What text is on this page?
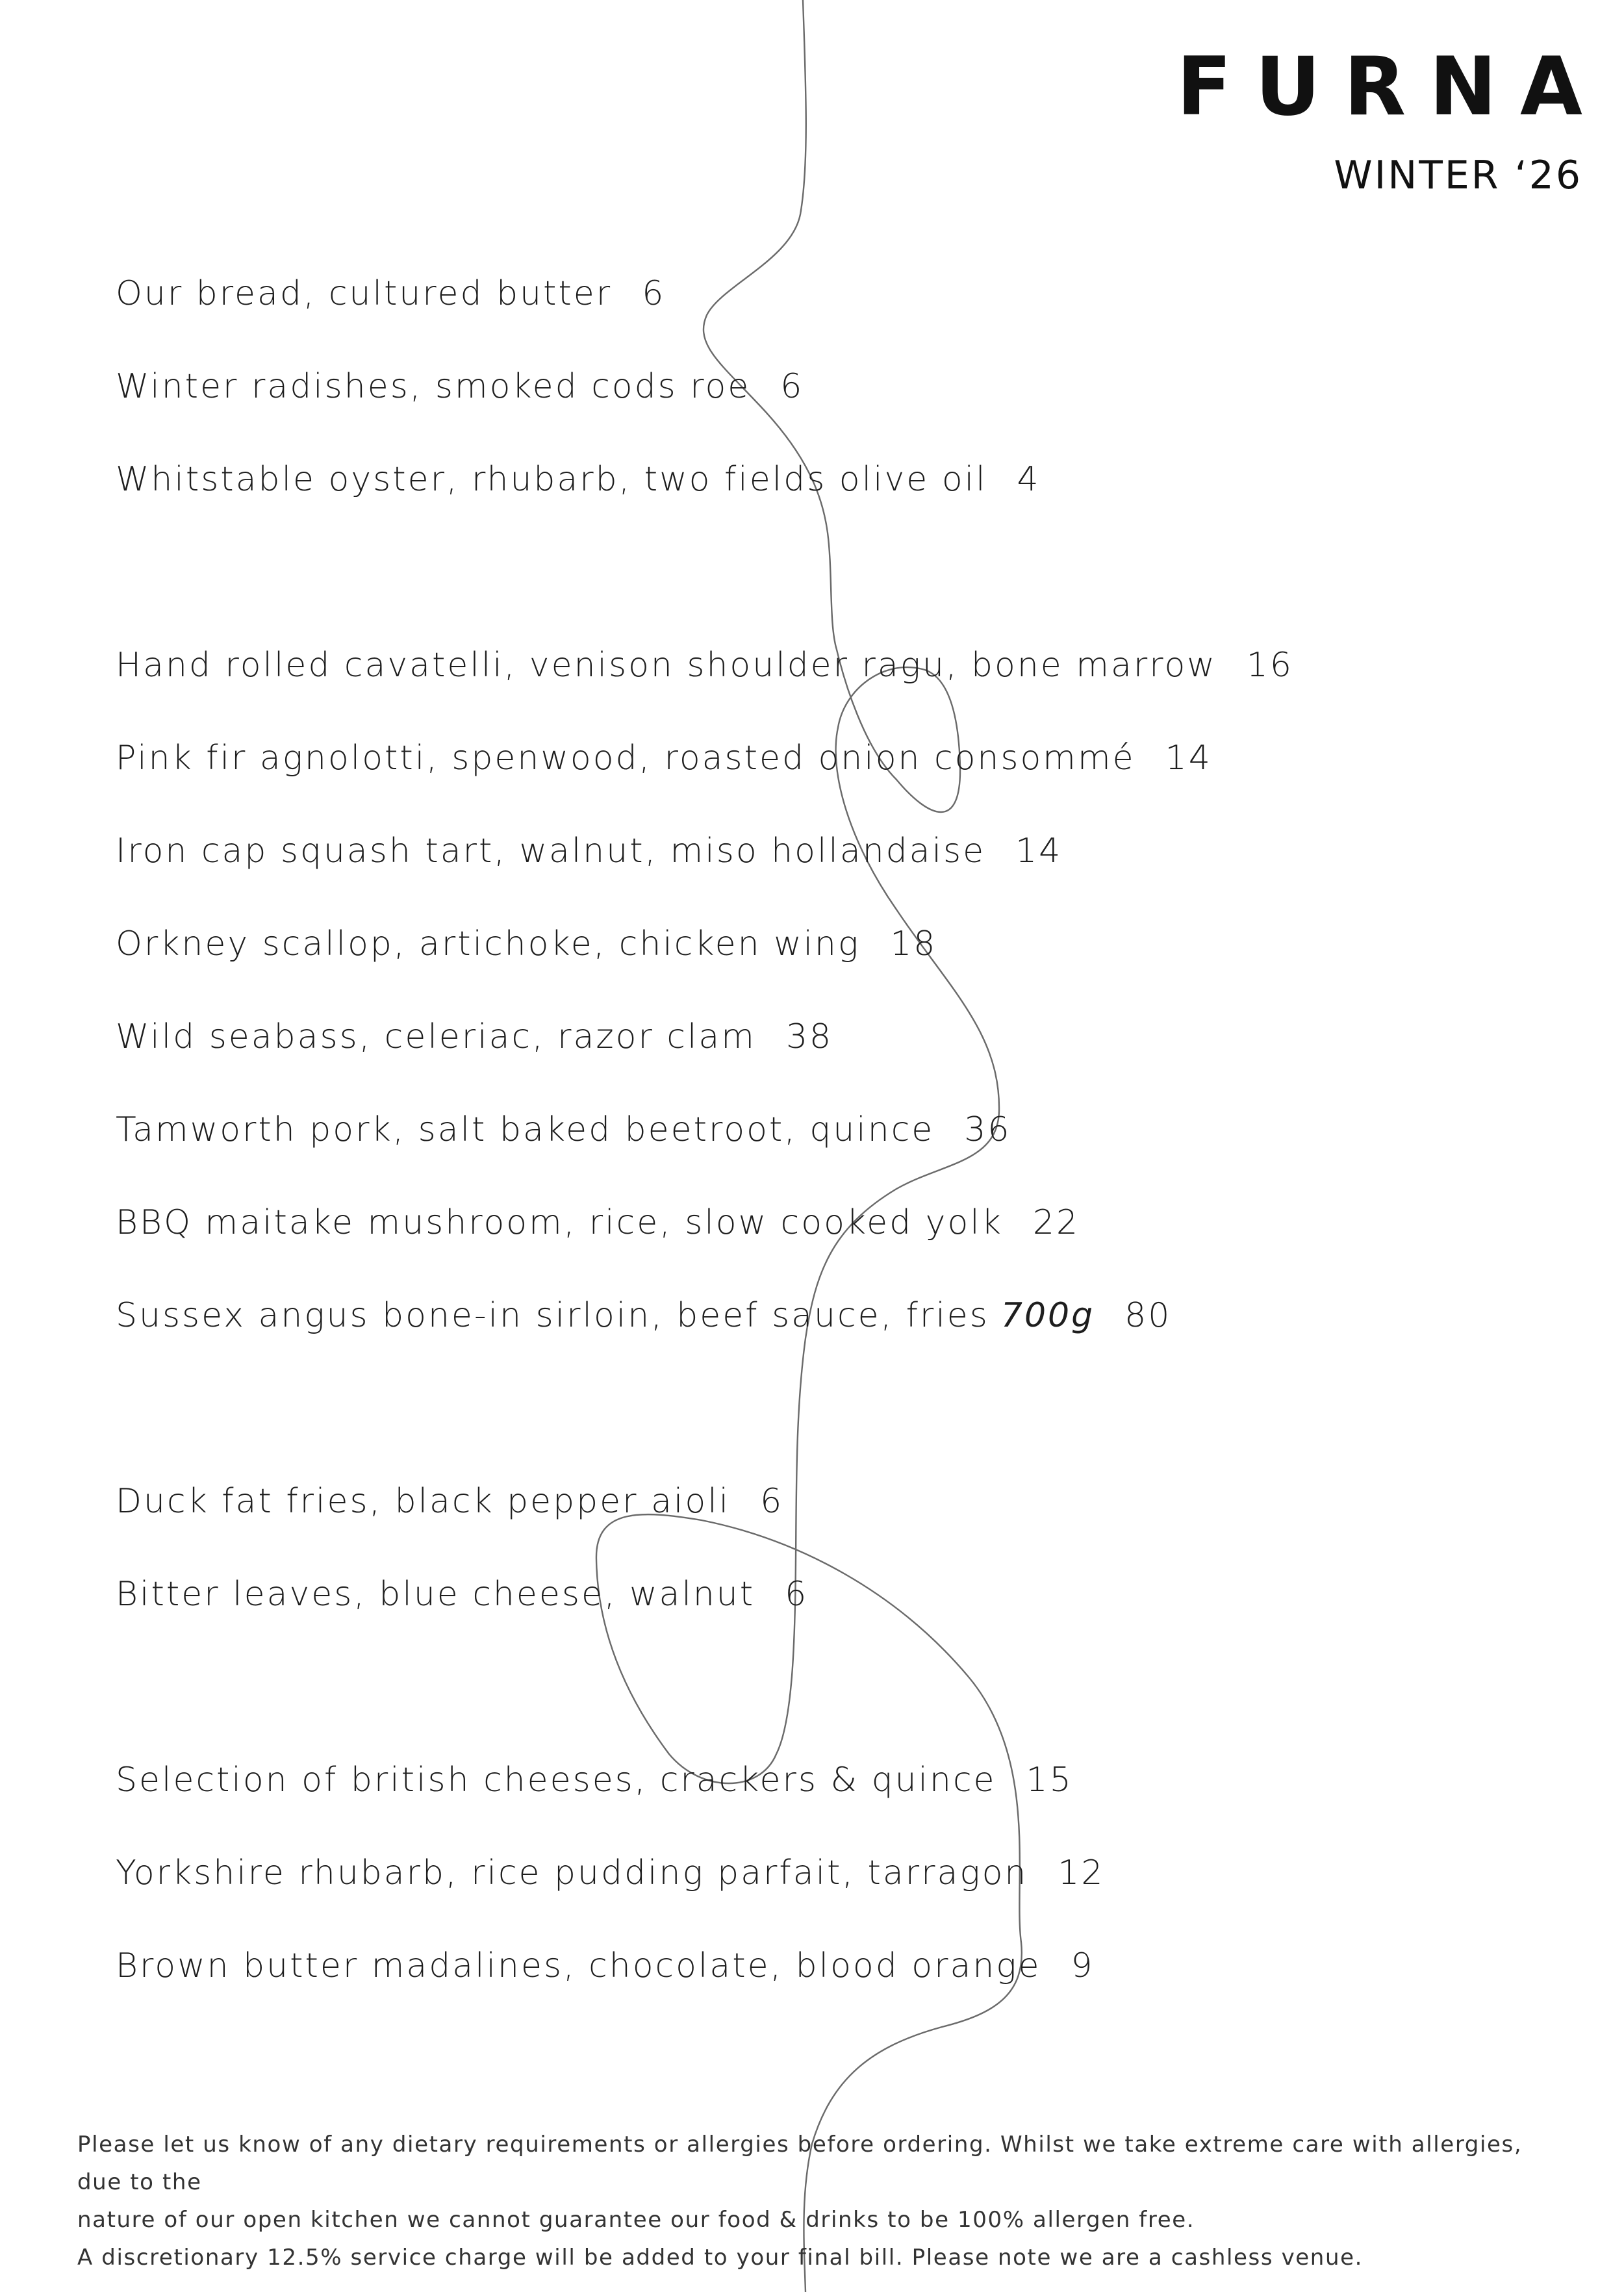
FURNA
WINTER ‘26
Our bread, cultured butter 6
Winter radishes, smoked cods roe 6
Whitstable oyster, rhubarb, two fields olive oil 4
Hand rolled cavatelli, venison shoulder ragu, bone marrow 16
Pink fir agnolotti, spenwood, roasted onion consommé 14
Iron cap squash tart, walnut, miso hollandaise 14
Orkney scallop, artichoke, chicken wing 18
Wild seabass, celeriac, razor clam 38
Tamworth pork, salt baked beetroot, quince 36
BBQ maitake mushroom, rice, slow cooked yolk 22
Sussex angus bone-in sirloin, beef sauce, fries 700g 80
Duck fat fries, black pepper aioli 6
Bitter leaves, blue cheese, walnut 6
Selection of british cheeses, crackers & quince 15
Yorkshire rhubarb, rice pudding parfait, tarragon 12
Brown butter madalines, chocolate, blood orange 9

Please let us know of any dietary requirements or allergies before ordering. Whilst we take extreme care with allergies, due to the

nature of our open kitchen we cannot guarantee our food & drinks to be 100% allergen free.

A discretionary 12.5% service charge will be added to your final bill. Please note we are a cashless venue.
